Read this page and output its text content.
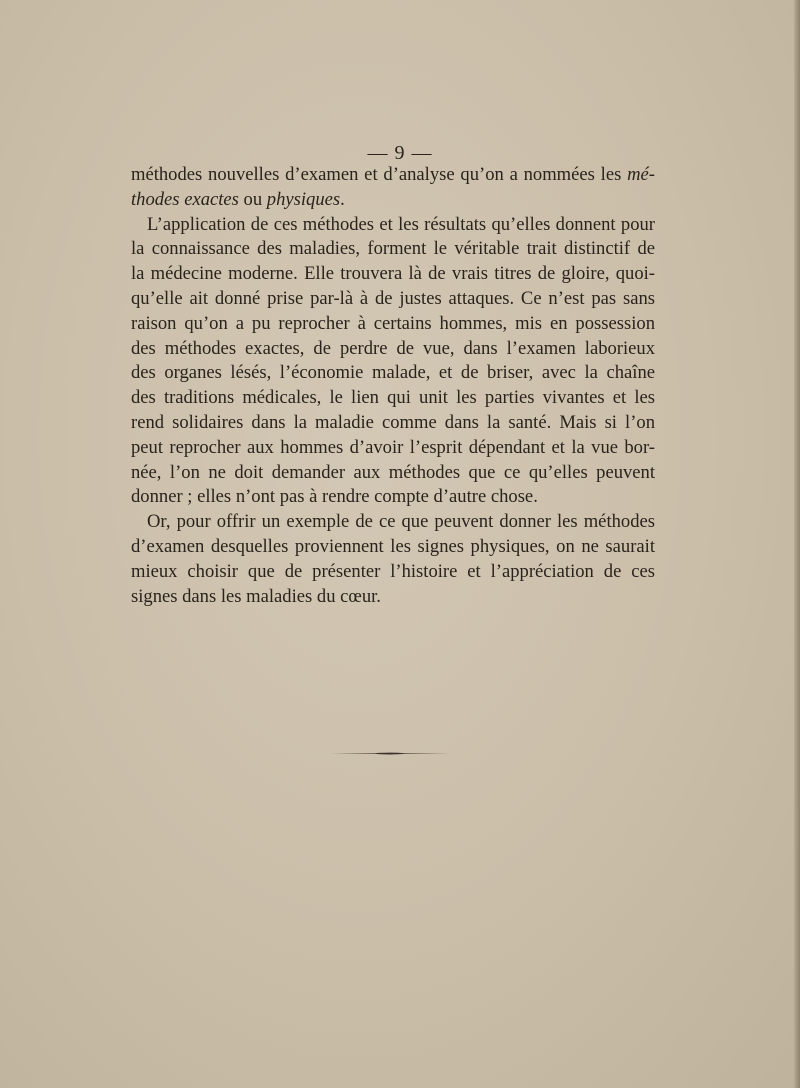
— 9 —
méthodes nouvelles d’examen et d’analyse qu’on a nommées les mé-
thodes exactes ou physiques.
L’application de ces méthodes et les résultats qu’elles donnent pour
la connaissance des maladies, forment le véritable trait distinctif de
la médecine moderne. Elle trouvera là de vrais titres de gloire, quoi-
qu’elle ait donné prise par-là à de justes attaques. Ce n’est pas sans
raison qu’on a pu reprocher à certains hommes, mis en possession
des méthodes exactes, de perdre de vue, dans l’examen laborieux
des organes lésés, l’économie malade, et de briser, avec la chaîne
des traditions médicales, le lien qui unit les parties vivantes et les
rend solidaires dans la maladie comme dans la santé. Mais si l’on
peut reprocher aux hommes d’avoir l’esprit dépendant et la vue bor-
née, l’on ne doit demander aux méthodes que ce qu’elles peuvent
donner ; elles n’ont pas à rendre compte d’autre chose.
Or, pour offrir un exemple de ce que peuvent donner les méthodes
d’examen desquelles proviennent les signes physiques, on ne saurait
mieux choisir que de présenter l’histoire et l’appréciation de ces
signes dans les maladies du cœur.
